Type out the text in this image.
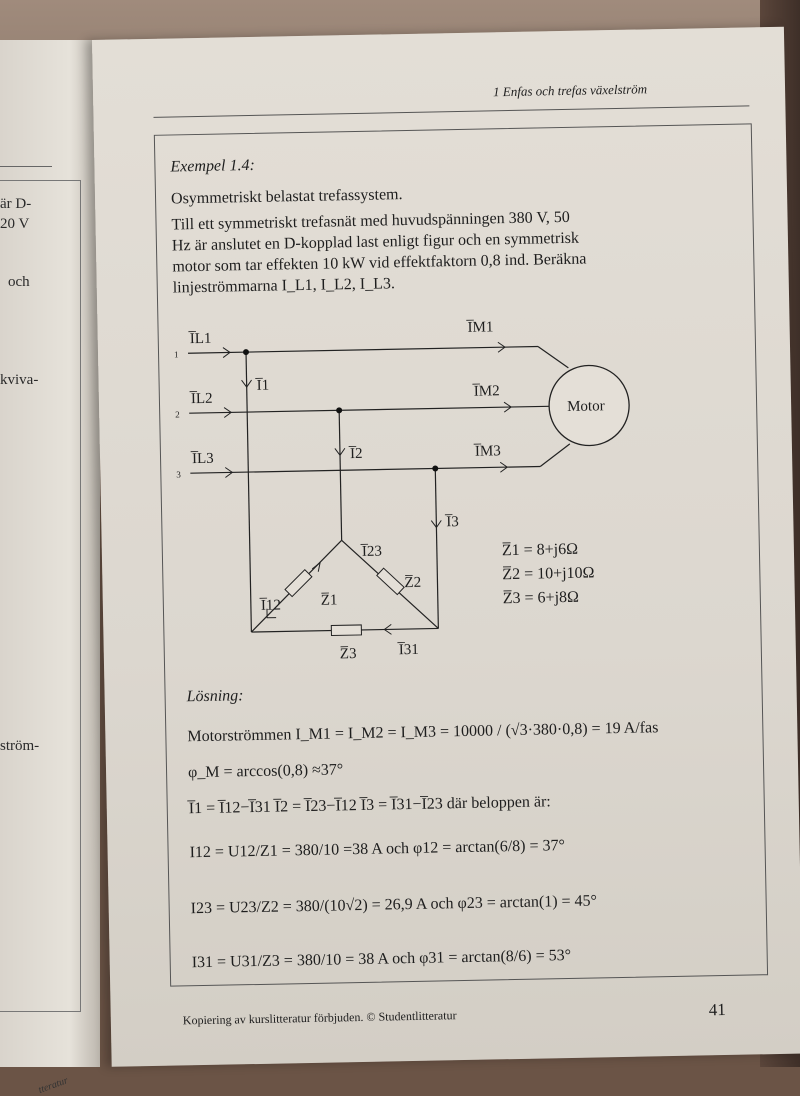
är D-
20 V
och
kviva-
ström-
tteratur
1 Enfas och trefas växelström
Exempel 1.4:
Osymmetriskt belastat trefassystem.
Till ett symmetriskt trefasnät med huvudspänningen 380 V, 50
Hz är anslutet en D-kopplad last enligt figur och en symmetrisk
motor som tar effekten 10 kW vid effektfaktorn 0,8 ind. Beräkna
linjeströmmarna I_L1, I_L2, I_L3.
1
2
3
I̅L1
I̅L2
I̅L3
I̅M1
I̅M2
I̅M3
I̅1
I̅2
I̅3
I̅12
I̅23
I̅31
Z̅1
Z̅2
Z̅3
Motor
Z̅1 = 8+j6Ω
Z̅2 = 10+j10Ω
Z̅3 = 6+j8Ω
Lösning:
Motorströmmen I_M1 = I_M2 = I_M3 = 10000 / (√3·380·0,8) = 19 A/fas
φ_M = arccos(0,8) ≈37°
I̅1 = I̅12−I̅31 I̅2 = I̅23−I̅12 I̅3 = I̅31−I̅23 där beloppen är:
I12 = U12/Z1 = 380/10 =38 A och φ12 = arctan(6/8) = 37°
I23 = U23/Z2 = 380/(10√2) = 26,9 A och φ23 = arctan(1) = 45°
I31 = U31/Z3 = 380/10 = 38 A och φ31 = arctan(8/6) = 53°
Kopiering av kurslitteratur förbjuden. © Studentlitteratur	41
